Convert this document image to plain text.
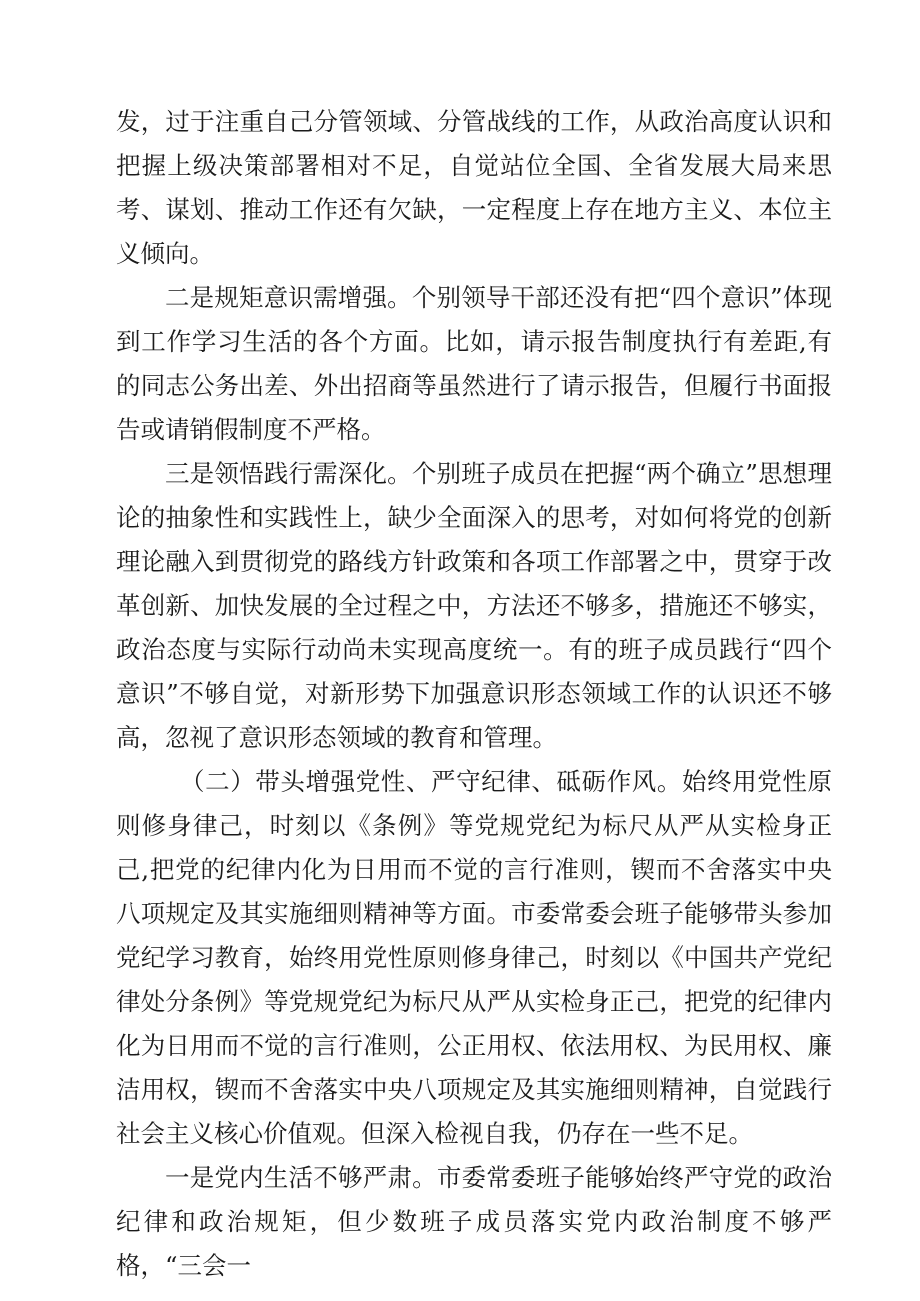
发，过于注重自己分管领域、分管战线的工作，从政治高度认识和把握上级决策部署相对不足，自觉站位全国、全省发展大局来思考、谋划、推动工作还有欠缺，一定程度上存在地方主义、本位主义倾向。

二是规矩意识需增强。个别领导干部还没有把“四个意识”体现到工作学习生活的各个方面。比如，请示报告制度执行有差距,有的同志公务出差、外出招商等虽然进行了请示报告，但履行书面报告或请销假制度不严格。

三是领悟践行需深化。个别班子成员在把握“两个确立”思想理论的抽象性和实践性上，缺少全面深入的思考，对如何将党的创新理论融入到贯彻党的路线方针政策和各项工作部署之中，贯穿于改革创新、加快发展的全过程之中，方法还不够多，措施还不够实，政治态度与实际行动尚未实现高度统一。有的班子成员践行“四个意识”不够自觉，对新形势下加强意识形态领域工作的认识还不够高，忽视了意识形态领域的教育和管理。

（二）带头增强党性、严守纪律、砥砺作风。始终用党性原则修身律己，时刻以《条例》等党规党纪为标尺从严从实检身正己,把党的纪律内化为日用而不觉的言行准则，锲而不舍落实中央八项规定及其实施细则精神等方面。市委常委会班子能够带头参加党纪学习教育，始终用党性原则修身律己，时刻以《中国共产党纪律处分条例》等党规党纪为标尺从严从实检身正己，把党的纪律内化为日用而不觉的言行准则，公正用权、依法用权、为民用权、廉洁用权，锲而不舍落实中央八项规定及其实施细则精神，自觉践行社会主义核心价值观。但深入检视自我，仍存在一些不足。

一是党内生活不够严肃。市委常委班子能够始终严守党的政治纪律和政治规矩，但少数班子成员落实党内政治制度不够严格，“三会一
